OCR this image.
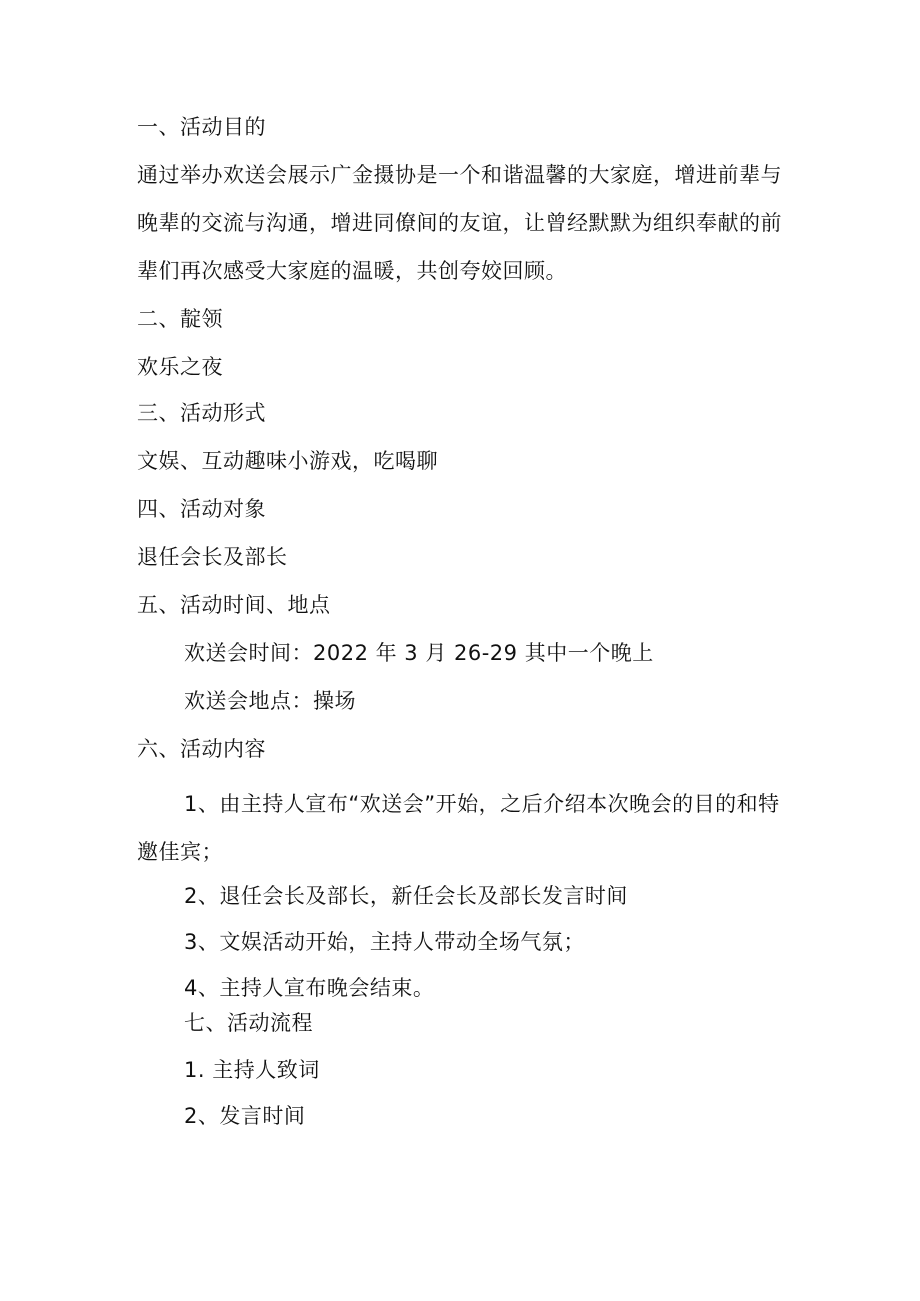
一、活动目的
通过举办欢送会展示广金摄协是一个和谐温馨的大家庭，增进前辈与
晚辈的交流与沟通，增进同僚间的友谊，让曾经默默为组织奉献的前
辈们再次感受大家庭的温暖，共创夸姣回顾。
二、靛领
欢乐之夜
三、活动形式
文娱、互动趣味小游戏，吃喝聊
四、活动对象
退任会长及部长
五、活动时间、地点
欢送会时间：2022 年 3 月 26-29 其中一个晚上
欢送会地点：操场
六、活动内容
1、由主持人宣布“欢送会”开始，之后介绍本次晚会的目的和特
邀佳宾；
2、退任会长及部长，新任会长及部长发言时间
3、文娱活动开始，主持人带动全场气氛；
4、主持人宣布晚会结束。
七、活动流程
1. 主持人致词
2、发言时间
